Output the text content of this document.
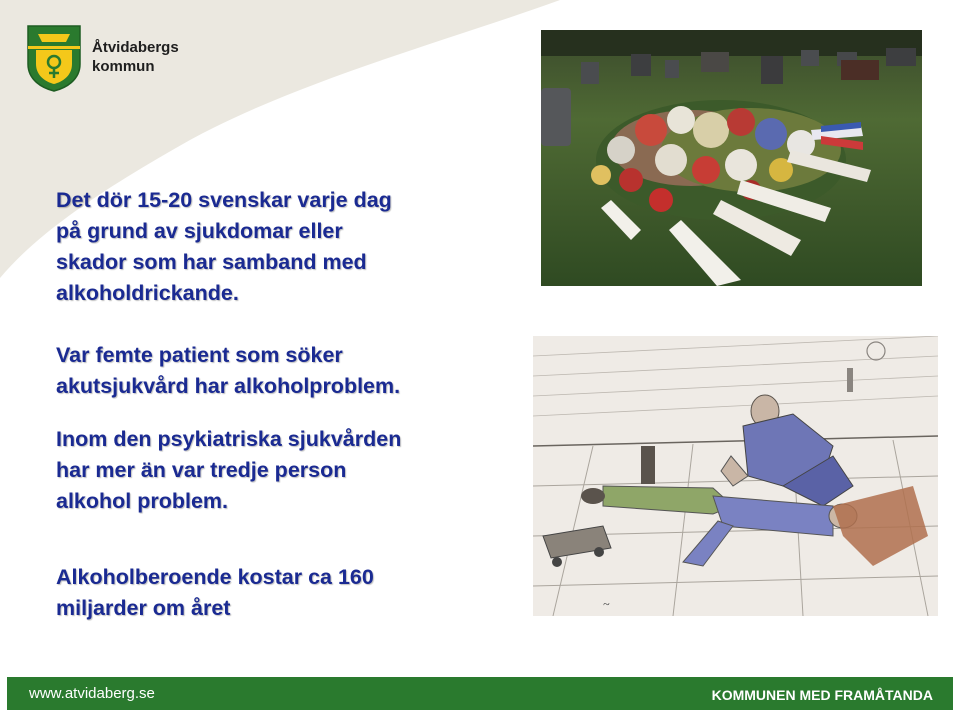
Åtvidabergs
kommun
Det dör 15-20 svenskar varje dag
på grund av sjukdomar eller
skador som har samband med
alkoholdrickande.
Var femte patient som söker
akutsjukvård har alkoholproblem.
Inom den psykiatriska sjukvården
har mer än var tredje person
alkohol problem.
Alkoholberoende kostar ca 160
miljarder om året	~
www.atvidaberg.se	KOMMUNEN MED FRAMÅTANDA
